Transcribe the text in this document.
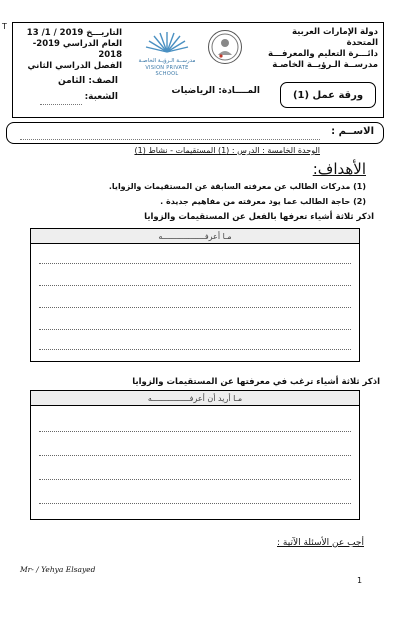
T
دولة الإمارات العربية المتحدة
دائـــرة التعليم والمعرفـــة
مدرســة الـرؤيــة الخاصـة
مدرســة الـرؤيـة الخاصـة
VISION PRIVATE SCHOOL
التاريـــخ 2019 / 1/ 13
العام الدراسي 2019-2018
الفصل الدراسي الثاني
الصف: الثامن
الشعبة:
المــــادة: الرياضيات	ورقة عمل (1)
الاســم :
الوحدة الخامسة : الدرس : (1) المستقيمات - نشاط (1)
الأهداف:
(1) مدركات الطالب عن معرفته السابقة عن المستقيمات والزوايا.
(2) حاجة الطالب عما يود معرفته من مفاهيم جديدة .
اذكر ثلاثة أشياء تعرفها بالفعل عن المستقيمات والزوايا
مـا أعرفــــــــــــــــــه
اذكر ثلاثة أشياء ترغب في معرفتها عن المستقيمات والزوايا
مـا أريد أن أعرفــــــــــــــــه
أجب عن الأسئلة الآتية :
Mr- / Yehya Elsayed
1
